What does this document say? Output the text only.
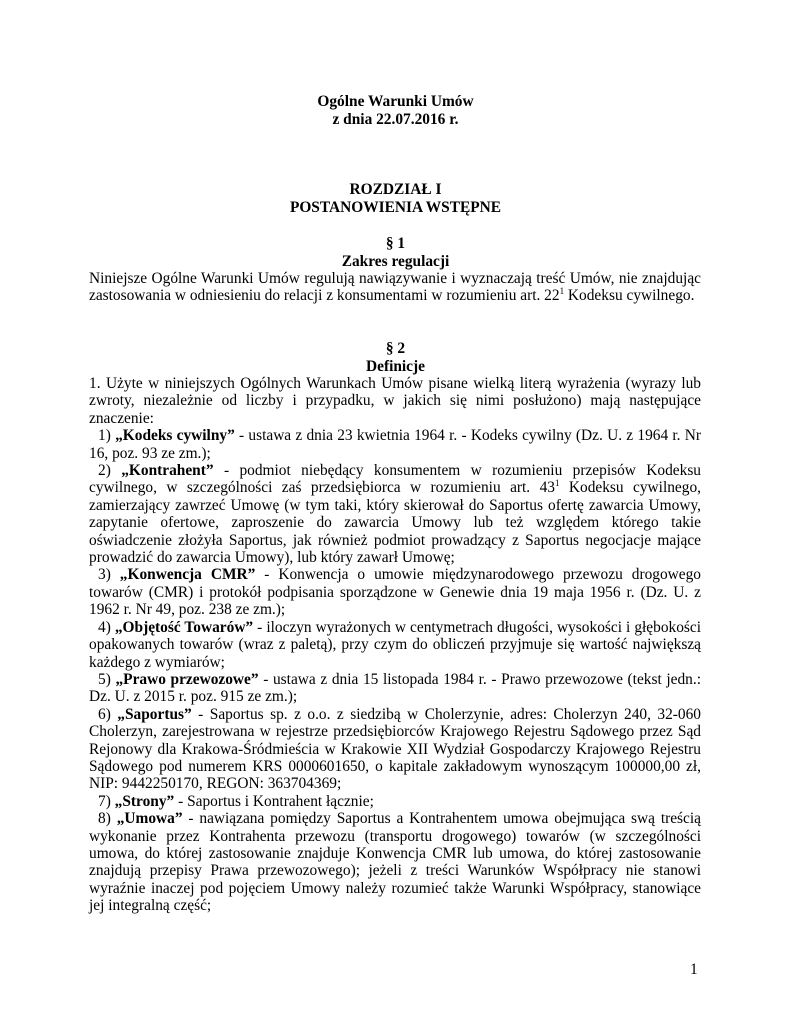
Ogólne Warunki Umów
z dnia 22.07.2016 r.
ROZDZIAŁ I
POSTANOWIENIA WSTĘPNE
§ 1
Zakres regulacji
Niniejsze Ogólne Warunki Umów regulują nawiązywanie i wyznaczają treść Umów, nie znajdując zastosowania w odniesieniu do relacji z konsumentami w rozumieniu art. $22^1$ Kodeksu cywilnego.
§ 2
Definicje
1. Użyte w niniejszych Ogólnych Warunkach Umów pisane wielką literą wyrażenia (wyrazy lub zwroty, niezależnie od liczby i przypadku, w jakich się nimi posłużono) mają następujące znaczenie:
1) „Kodeks cywilny” - ustawa z dnia 23 kwietnia 1964 r. - Kodeks cywilny (Dz. U. z 1964 r. Nr 16, poz. 93 ze zm.);
2) „Kontrahent” - podmiot niebędący konsumentem w rozumieniu przepisów Kodeksu cywilnego, w szczególności zaś przedsiębiorca w rozumieniu art. $43^1$ Kodeksu cywilnego, zamierzający zawrzeć Umowę (w tym taki, który skierował do Saportus ofertę zawarcia Umowy, zapytanie ofertowe, zaproszenie do zawarcia Umowy lub też względem którego takie oświadczenie złożyła Saportus, jak również podmiot prowadzący z Saportus negocjacje mające prowadzić do zawarcia Umowy), lub który zawarł Umowę;
3) „Konwencja CMR” - Konwencja o umowie międzynarodowego przewozu drogowego towarów (CMR) i protokół podpisania sporządzone w Genewie dnia 19 maja 1956 r. (Dz. U. z 1962 r. Nr 49, poz. 238 ze zm.);
4) „Objętość Towarów” - iloczyn wyrażonych w centymetrach długości, wysokości i głębokości opakowanych towarów (wraz z paletą), przy czym do obliczeń przyjmuje się wartość największą każdego z wymiarów;
5) „Prawo przewozowe” - ustawa z dnia 15 listopada 1984 r. - Prawo przewozowe (tekst jedn.: Dz. U. z 2015 r. poz. 915 ze zm.);
6) „Saportus” - Saportus sp. z o.o. z siedzibą w Cholerzynie, adres: Cholerzyn 240, 32-060 Cholerzyn, zarejestrowana w rejestrze przedsiębiorców Krajowego Rejestru Sądowego przez Sąd Rejonowy dla Krakowa-Śródmieścia w Krakowie XII Wydział Gospodarczy Krajowego Rejestru Sądowego pod numerem KRS 0000601650, o kapitale zakładowym wynoszącym 100000,00 zł, NIP: 9442250170, REGON: 363704369;
7) „Strony” - Saportus i Kontrahent łącznie;
8) „Umowa” - nawiązana pomiędzy Saportus a Kontrahentem umowa obejmująca swą treścią wykonanie przez Kontrahenta przewozu (transportu drogowego) towarów (w szczególności umowa, do której zastosowanie znajduje Konwencja CMR lub umowa, do której zastosowanie znajdują przepisy Prawa przewozowego); jeżeli z treści Warunków Współpracy nie stanowi wyraźnie inaczej pod pojęciem Umowy należy rozumieć także Warunki Współpracy, stanowiące jej integralną część;
1
